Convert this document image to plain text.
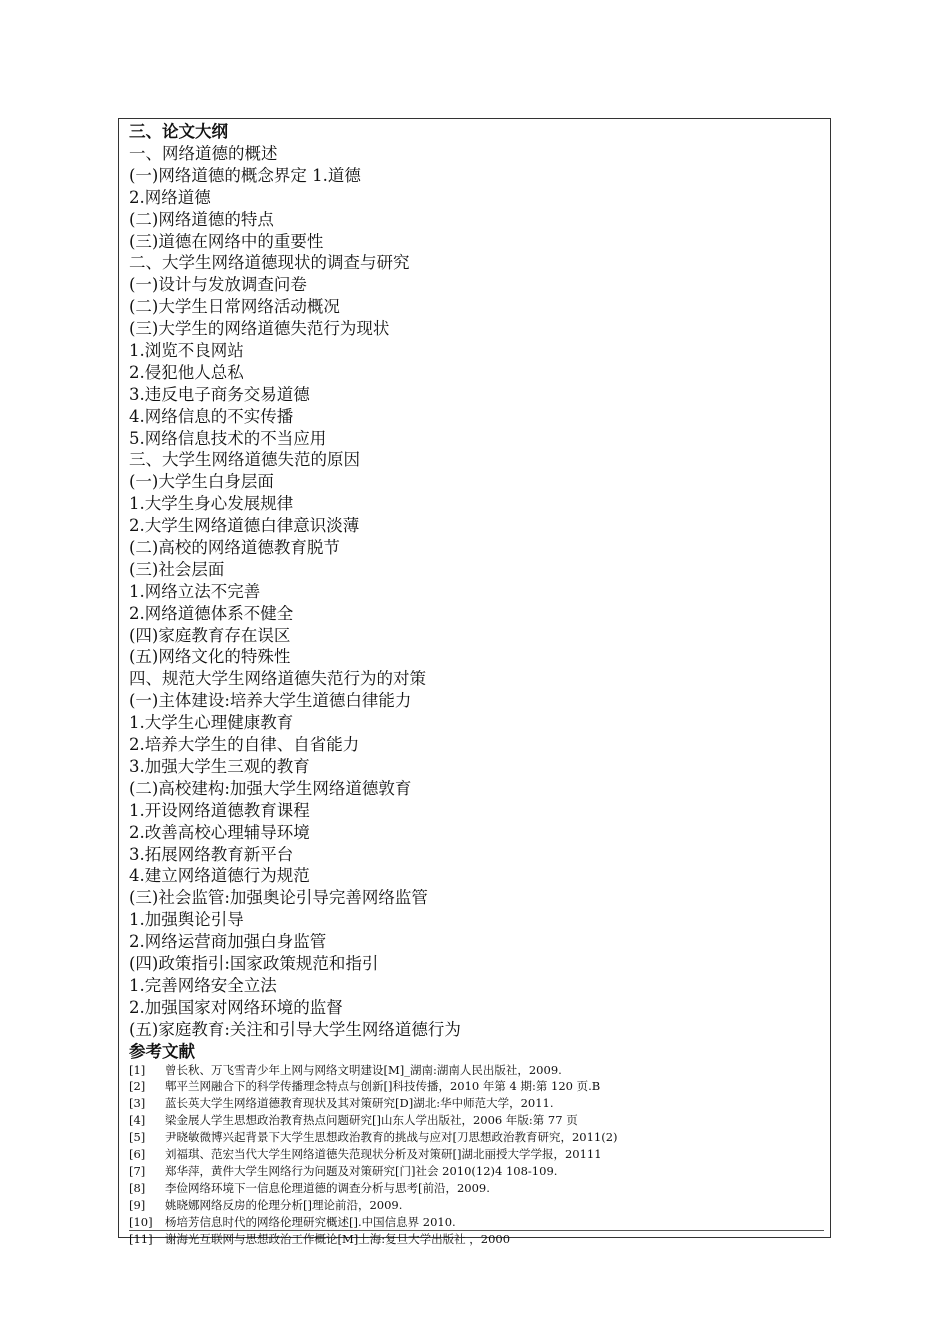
三、论文大纲
一、网络道德的概述
(一)网络道德的概念界定 1.道德
2.网络道德
(二)网络道德的特点
(三)道德在网络中的重要性
二、大学生网络道德现状的调查与研究
(一)设计与发放调查问卷
(二)大学生日常网络活动概况
(三)大学生的网络道德失范行为现状
1.浏览不良网站
2.侵犯他人总私
3.违反电子商务交易道德
4.网络信息的不实传播
5.网络信息技术的不当应用
三、大学生网络道德失范的原因
(一)大学生白身层面
1.大学生身心发展规律
2.大学生网络道德白律意识淡薄
(二)高校的网络道德教育脱节
(三)社会层面
1.网络立法不完善
2.网络道德体系不健全
(四)家庭教育存在误区
(五)网络文化的特殊性
四、规范大学生网络道德失范行为的对策
(一)主体建设:培养大学生道德白律能力
1.大学生心理健康教育
2.培养大学生的自律、自省能力
3.加强大学生三观的教育
(二)高校建构:加强大学生网络道德敦育
1.开设网络道德教育课程
2.改善高校心理辅导环境
3.拓展网络教育新平台
4.建立网络道德行为规范
(三)社会监管:加强奥论引导完善网络监管
1.加强舆论引导
2.网络运营商加强白身监管
(四)政策指引:国家政策规范和指引
1.完善网络安全立法
2.加强国家对网络环境的监督
(五)家庭教育:关注和引导大学生网络道德行为
参考文献
[1] 曾长秋、万飞雪青少年上网与网络文明建设[M]_湖南:湖南人民出版社，2009.
[2] 郫平兰网融合下的科学传播理念特点与创新[]科技传播，2010 年第 4 期:第 120 页.B
[3] 蓝长英大学生网络道德教育现状及其对策研究[D]湖北:华中师范大学，2011.
[4] 梁金展人学生思想政治教育热点问题研究[]山东人学出版社，2006 年版:第 77 页
[5] 尹晓敏微博兴起背景下大学生思想政治教育的挑战与应对[刀思想政治教育研究，2011(2)
[6] 刘福琪、范宏当代大学生网络道德失范现状分析及对策研[]湖北丽授大学学报，20111
[7] 郑华萍，黄件大学生网络行为问题及对策研究[门]社会 2010(12)4 108-109.
[8] 李俭网络环境下一信息伦理道德的调查分析与思考[前沿，2009.
[9] 姚晓娜网络反房的伦理分析[]理论前沿，2009.
[10] 杨培芳信息时代的网络伦理研究概述[].中国信息界 2010.
[11] 谢海光互联网与思想政治工作概论[M]上海:复旦大学出版社 ，2000
